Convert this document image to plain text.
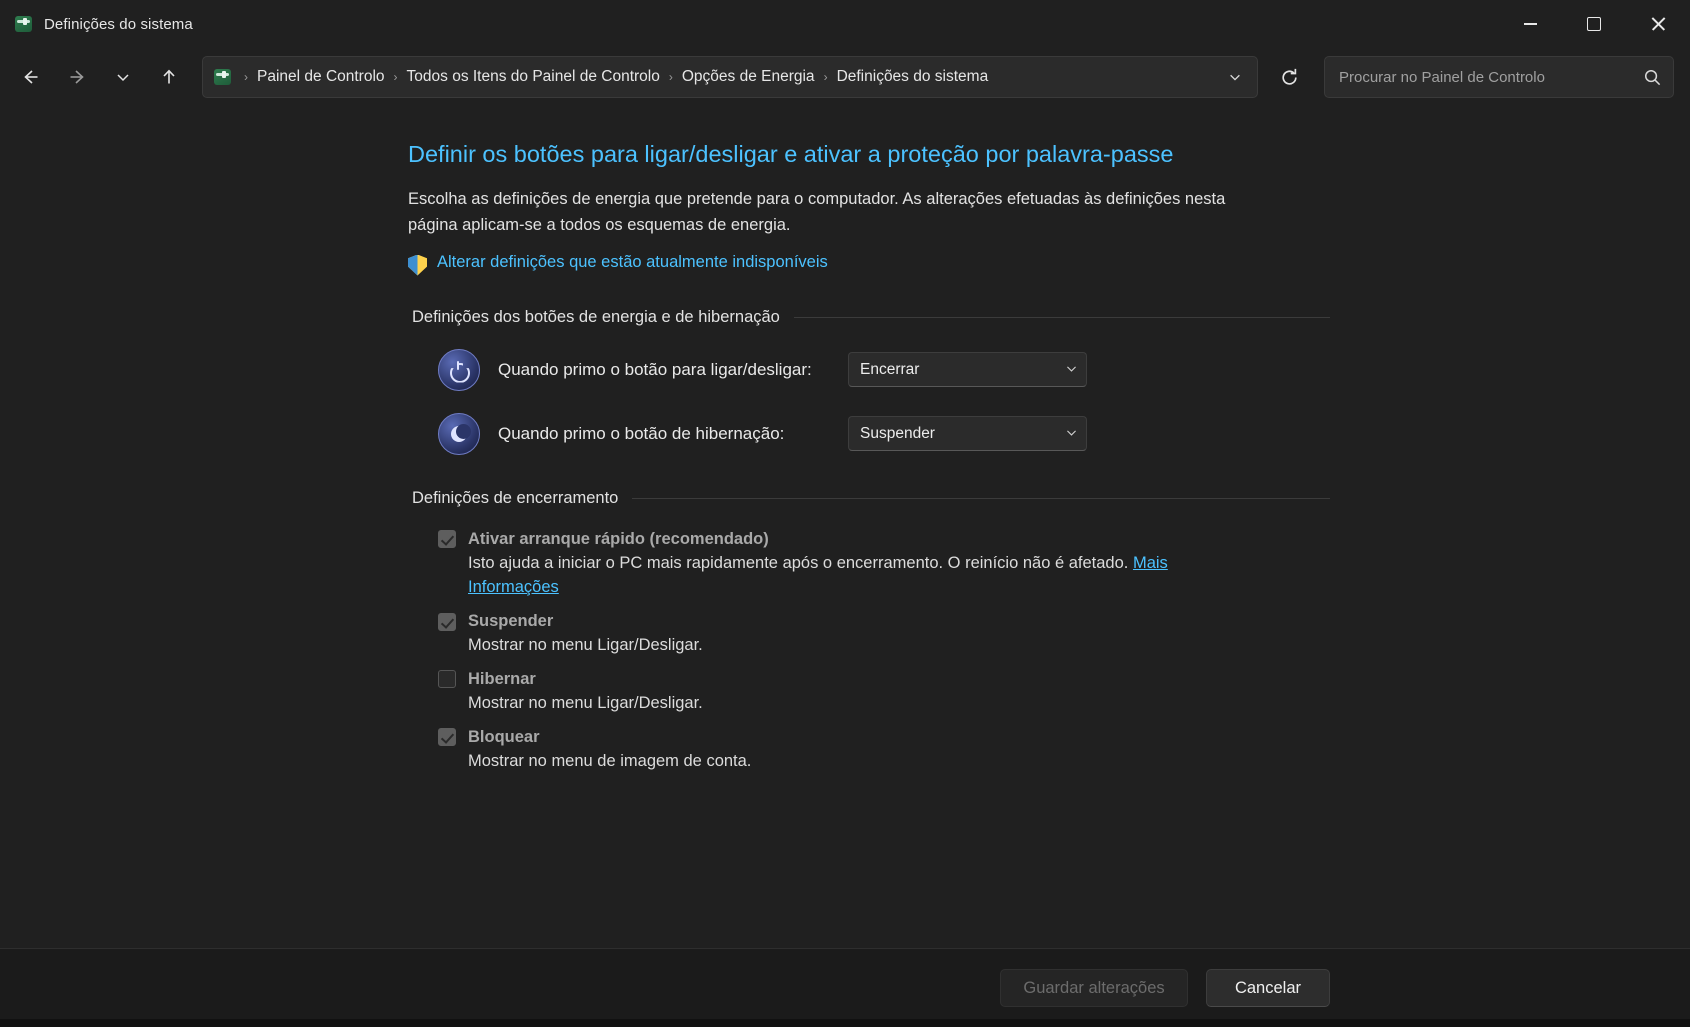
Definições do sistema
› Painel de Controlo › Todos os Itens do Painel de Controlo › Opções de Energia › Definições do sistema
Procurar no Painel de Controlo
Definir os botões para ligar/desligar e ativar a proteção por palavra-passe
Escolha as definições de energia que pretende para o computador. As alterações efetuadas às definições nesta página aplicam-se a todos os esquemas de energia.
Alterar definições que estão atualmente indisponíveis
Definições dos botões de energia e de hibernação
Quando primo o botão para ligar/desligar:	Encerrar
Quando primo o botão de hibernação:	Suspender
Definições de encerramento
Ativar arranque rápido (recomendado)
Isto ajuda a iniciar o PC mais rapidamente após o encerramento. O reinício não é afetado. Mais Informações
Suspender
Mostrar no menu Ligar/Desligar.
Hibernar
Mostrar no menu Ligar/Desligar.
Bloquear
Mostrar no menu de imagem de conta.
Guardar alterações	Cancelar
